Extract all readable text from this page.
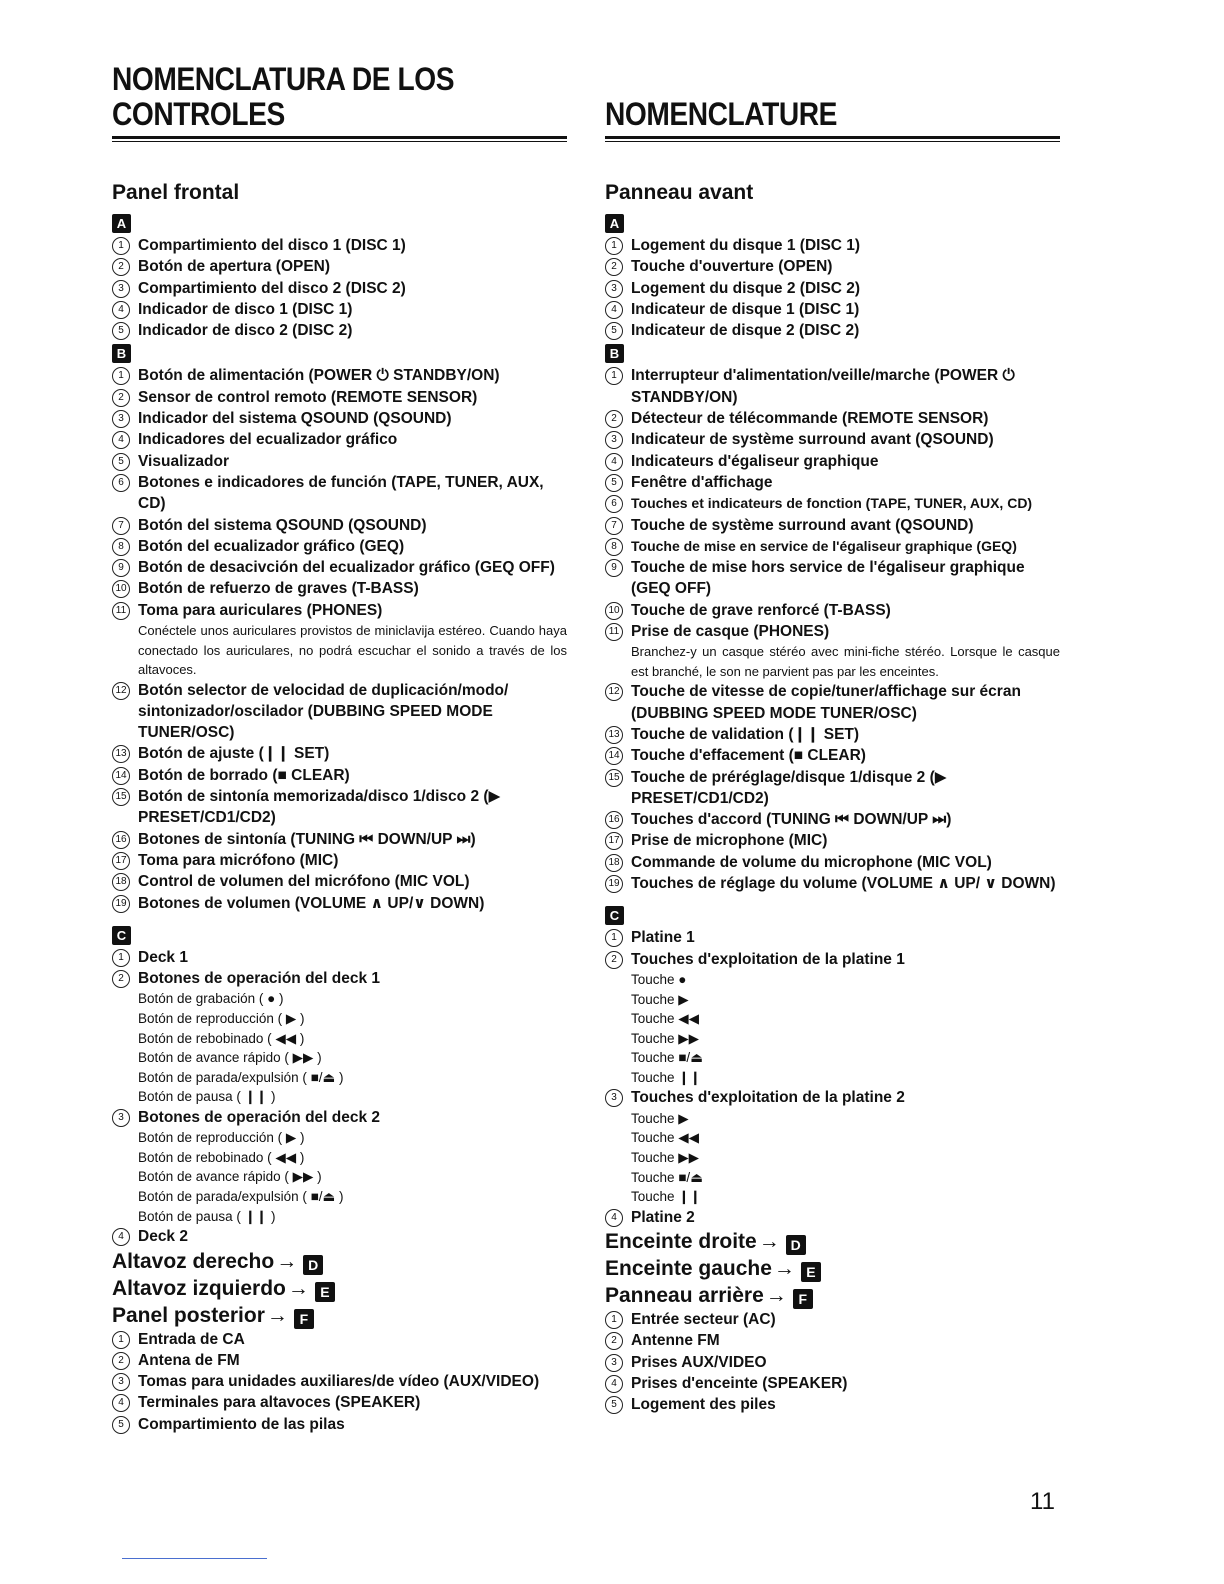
NOMENCLATURA DE LOS
CONTROLES
Panel frontal
A
1 Compartimiento del disco 1 (DISC 1)
2 Botón de apertura (OPEN)
3 Compartimiento del disco 2 (DISC 2)
4 Indicador de disco 1 (DISC 1)
5 Indicador de disco 2 (DISC 2)
B
1 Botón de alimentación (POWER ⏻ STANDBY/ON)
2 Sensor de control remoto (REMOTE SENSOR)
3 Indicador del sistema QSOUND (QSOUND)
4 Indicadores del ecualizador gráfico
5 Visualizador
6 Botones e indicadores de función (TAPE, TUNER, AUX, CD)
7 Botón del sistema QSOUND (QSOUND)
8 Botón del ecualizador gráfico (GEQ)
9 Botón de desacivción del ecualizador gráfico (GEQ OFF)
10 Botón de refuerzo de graves (T-BASS)
11 Toma para auriculares (PHONES)
Conéctele unos auriculares provistos de miniclavija estéreo. Cuando haya conectado los auriculares, no podrá escuchar el sonido a través de los altavoces.
12 Botón selector de velocidad de duplicación/modo/ sintonizador/oscilador (DUBBING SPEED MODE TUNER/OSC)
13 Botón de ajuste (❙❙ SET)
14 Botón de borrado (■ CLEAR)
15 Botón de sintonía memorizada/disco 1/disco 2 (▶ PRESET/CD1/CD2)
16 Botones de sintonía (TUNING ⏮ DOWN/UP ⏭)
17 Toma para micrófono (MIC)
18 Control de volumen del micrófono (MIC VOL)
19 Botones de volumen (VOLUME ∧ UP/∨ DOWN)
C
1 Deck 1
2 Botones de operación del deck 1
Botón de grabación ( ● )
Botón de reproducción ( ▶ )
Botón de rebobinado ( ◀◀ )
Botón de avance rápido ( ▶▶ )
Botón de parada/expulsión ( ■/⏏ )
Botón de pausa ( ❙❙ )
3 Botones de operación del deck 2
Botón de reproducción ( ▶ )
Botón de rebobinado ( ◀◀ )
Botón de avance rápido ( ▶▶ )
Botón de parada/expulsión ( ■/⏏ )
Botón de pausa ( ❙❙ )
4 Deck 2
Altavoz derecho→ D
Altavoz izquierdo→ E
Panel posterior→ F
1 Entrada de CA
2 Antena de FM
3 Tomas para unidades auxiliares/de vídeo (AUX/VIDEO)
4 Terminales para altavoces (SPEAKER)
5 Compartimiento de las pilas

NOMENCLATURE
Panneau avant
A
1 Logement du disque 1 (DISC 1)
2 Touche d'ouverture (OPEN)
3 Logement du disque 2 (DISC 2)
4 Indicateur de disque 1 (DISC 1)
5 Indicateur de disque 2 (DISC 2)
B
1 Interrupteur d'alimentation/veille/marche (POWER ⏻ STANDBY/ON)
2 Détecteur de télécommande (REMOTE SENSOR)
3 Indicateur de système surround avant (QSOUND)
4 Indicateurs d'égaliseur graphique
5 Fenêtre d'affichage
6	Touches et indicateurs de fonction (TAPE, TUNER, AUX, CD)
7 Touche de système surround avant (QSOUND)
8	Touche de mise en service de l'égaliseur graphique (GEQ)
9 Touche de mise hors service de l'égaliseur graphique (GEQ OFF)
10 Touche de grave renforcé (T-BASS)
11 Prise de casque (PHONES)
Branchez-y un casque stéréo avec mini-fiche stéréo. Lorsque le casque est branché, le son ne parvient pas par les enceintes.
12 Touche de vitesse de copie/tuner/affichage sur écran (DUBBING SPEED MODE TUNER/OSC)
13 Touche de validation (❙❙ SET)
14 Touche d'effacement (■ CLEAR)
15 Touche de préréglage/disque 1/disque 2 (▶ PRESET/CD1/CD2)
16 Touches d'accord (TUNING ⏮ DOWN/UP ⏭)
17 Prise de microphone (MIC)
18 Commande de volume du microphone (MIC VOL)
19 Touches de réglage du volume (VOLUME ∧ UP/ ∨ DOWN)
C
1 Platine 1
2 Touches d'exploitation de la platine 1
Touche ●
Touche ▶
Touche ◀◀
Touche ▶▶
Touche ■/⏏
Touche ❙❙
3 Touches d'exploitation de la platine 2
Touche ▶
Touche ◀◀
Touche ▶▶
Touche ■/⏏
Touche ❙❙
4 Platine 2
Enceinte droite→ D
Enceinte gauche→ E
Panneau arrière→ F
1 Entrée secteur (AC)
2 Antenne FM
3 Prises AUX/VIDEO
4 Prises d'enceinte (SPEAKER)
5 Logement des piles
11
